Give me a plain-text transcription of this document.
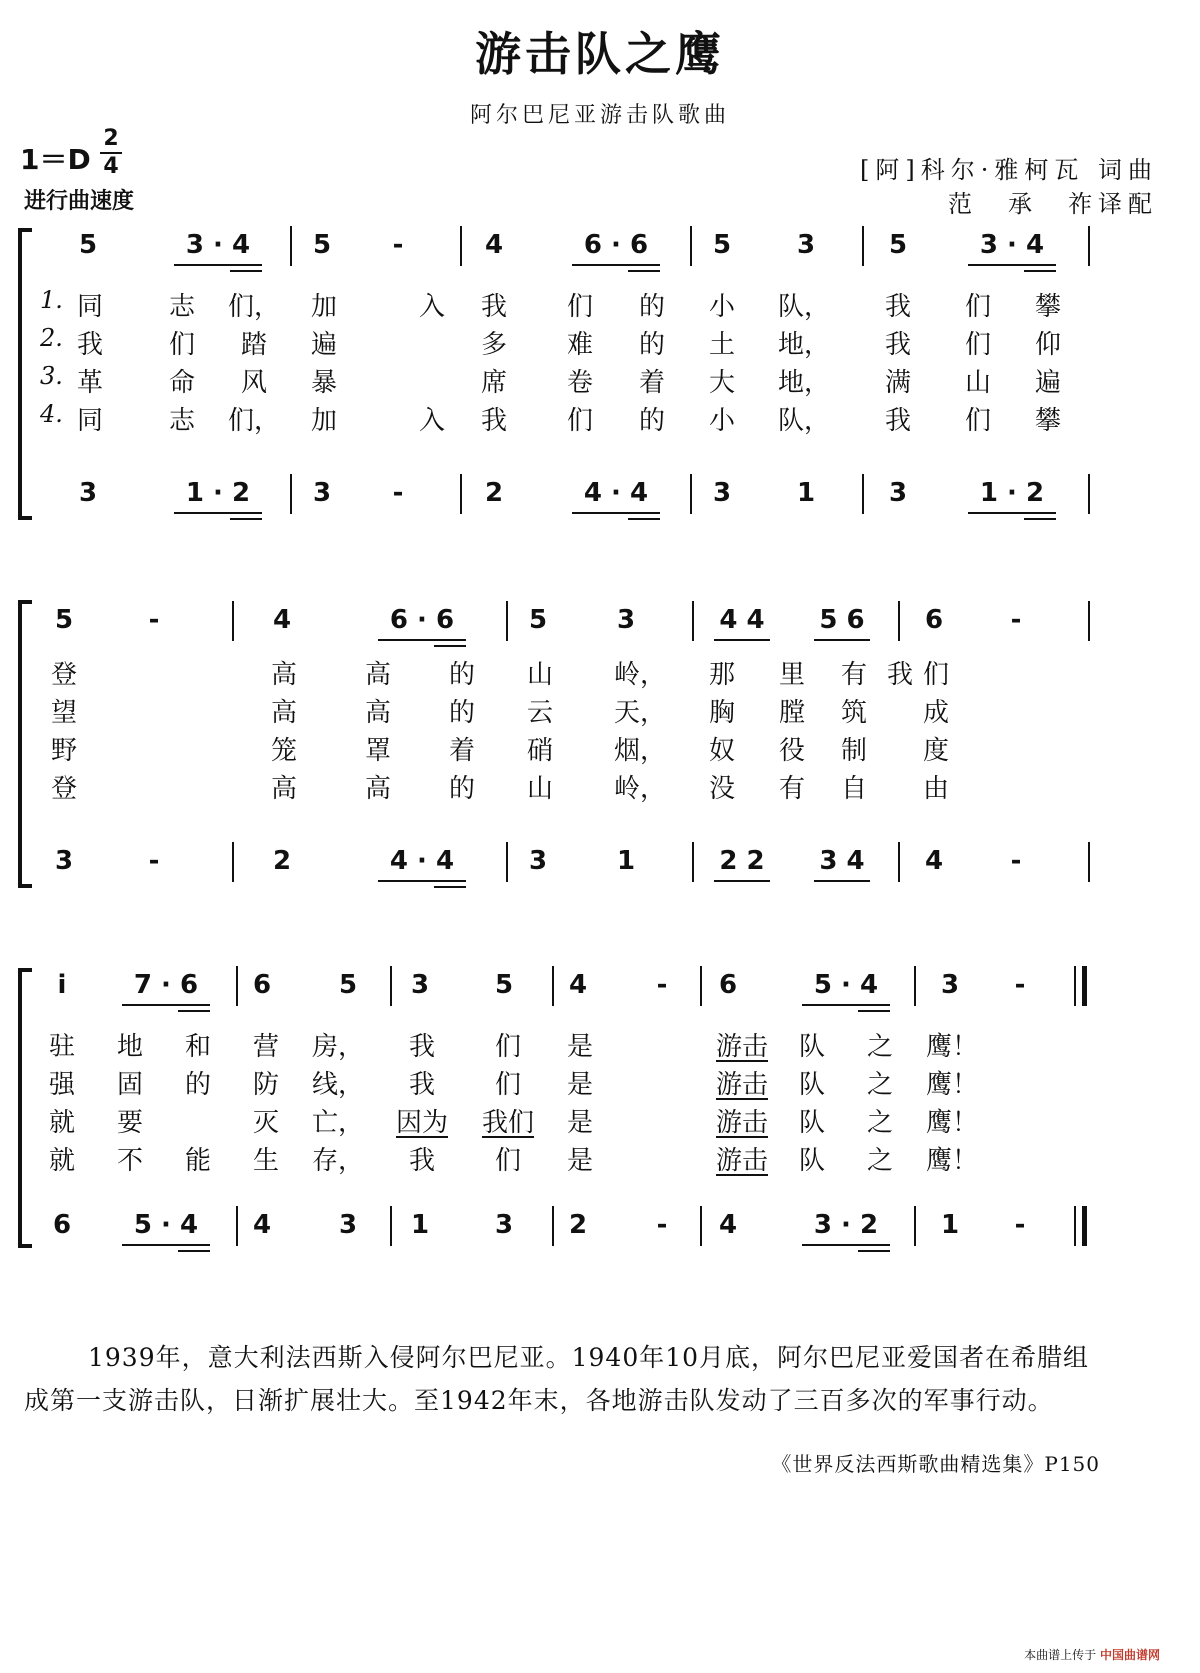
游击队之鹰
阿尔巴尼亚游击队歌曲
1＝D
2
4
进行曲速度
[阿]科尔·雅柯瓦 词曲
范　承　祚译配
5	3 · 4 5 -	4	6 · 6 5	3	5	3 · 4
3	1 · 2 3 -	2	4 · 4 3	1	3	1 · 2
1. 同	志 们， 加	入 我 们 的 小 队， 我 们 攀
2. 我	们 踏 遍	多 难 的 土 地， 我 们 仰
3. 革	命 风 暴	席 卷 着 大 地， 满 山 遍
4. 同	志 们， 加	入 我 们 的 小 队， 我 们 攀
5	-	4	6 · 6	5	3	4 4 5 6 6	-
3	-	2	4 · 4	3	1	2 2 3 4 4	-
登	高	高 的 山 岭， 那 里 有 我 们
望	高	高 的 云 天， 胸 膛 筑 成
野	笼	罩 着 硝 烟， 奴 役 制 度
登	高	高 的 山 岭， 没 有 自 由
i	7 · 6 6	5 3	5 4	- 6	5 · 4 3 -
6 5 · 4 4	3 1	3 2	- 4	3 · 2 1 -
驻 地 和 营 房， 我 们 是	游击 队 之 鹰！
强 固 的 防 线， 我 们 是	游击 队 之 鹰！
就 要	灭 亡， 因为 我们 是	游击 队 之 鹰！
就 不 能 生 存， 我 们 是	游击 队 之 鹰！
1939年，意大利法西斯入侵阿尔巴尼亚。1940年10月底，阿尔巴尼亚爱国者在希腊组成第一支游击队，日渐扩展壮大。至1942年末，各地游击队发动了三百多次的军事行动。
《世界反法西斯歌曲精选集》P150
本曲谱上传于 中国曲谱网
